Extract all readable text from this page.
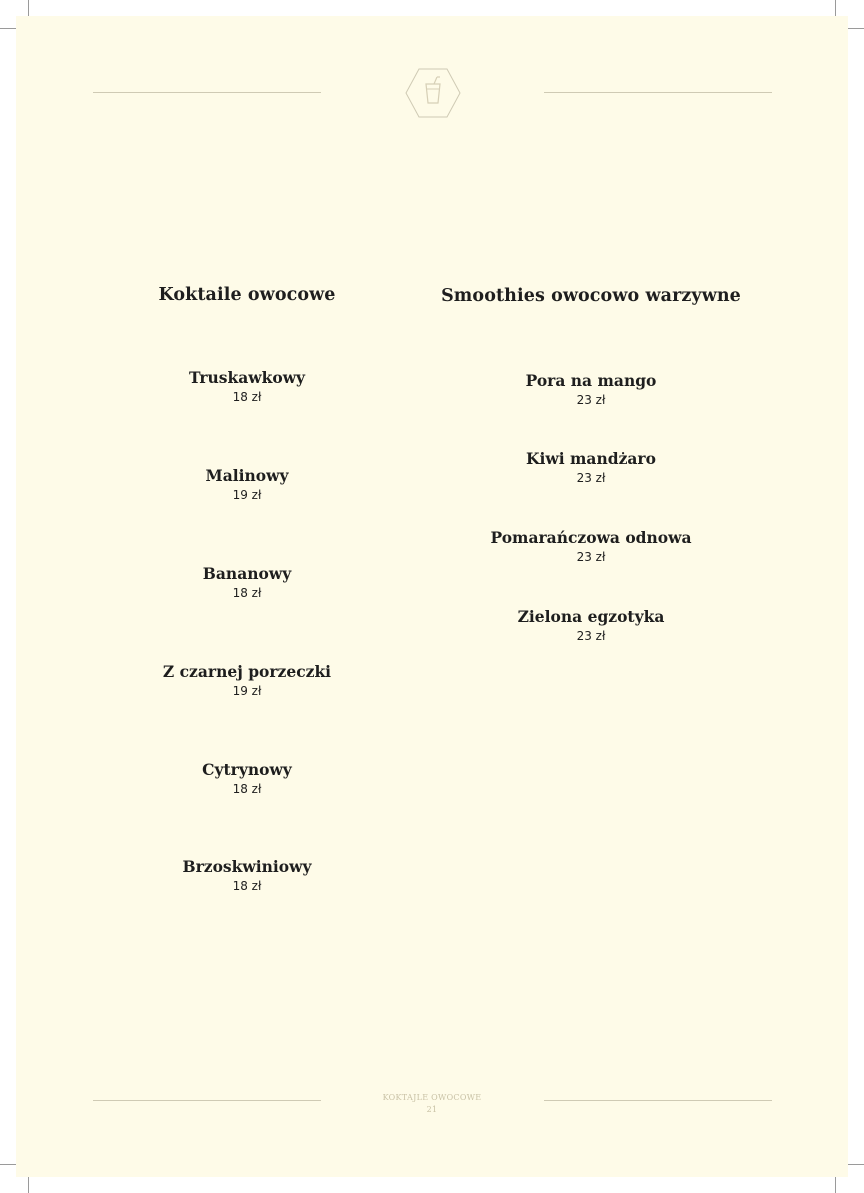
Koktaile owocowe
Truskawkowy
18 zł
Malinowy
19 zł
Bananowy
18 zł
Z czarnej porzeczki
19 zł
Cytrynowy
18 zł
Brzoskwiniowy
18 zł
Smoothies owocowo warzywne
Pora na mango
23 zł
Kiwi mandżaro
23 zł
Pomarańczowa odnowa
23 zł
Zielona egzotyka
23 zł
KOKTAJLE OWOCOWE
21
